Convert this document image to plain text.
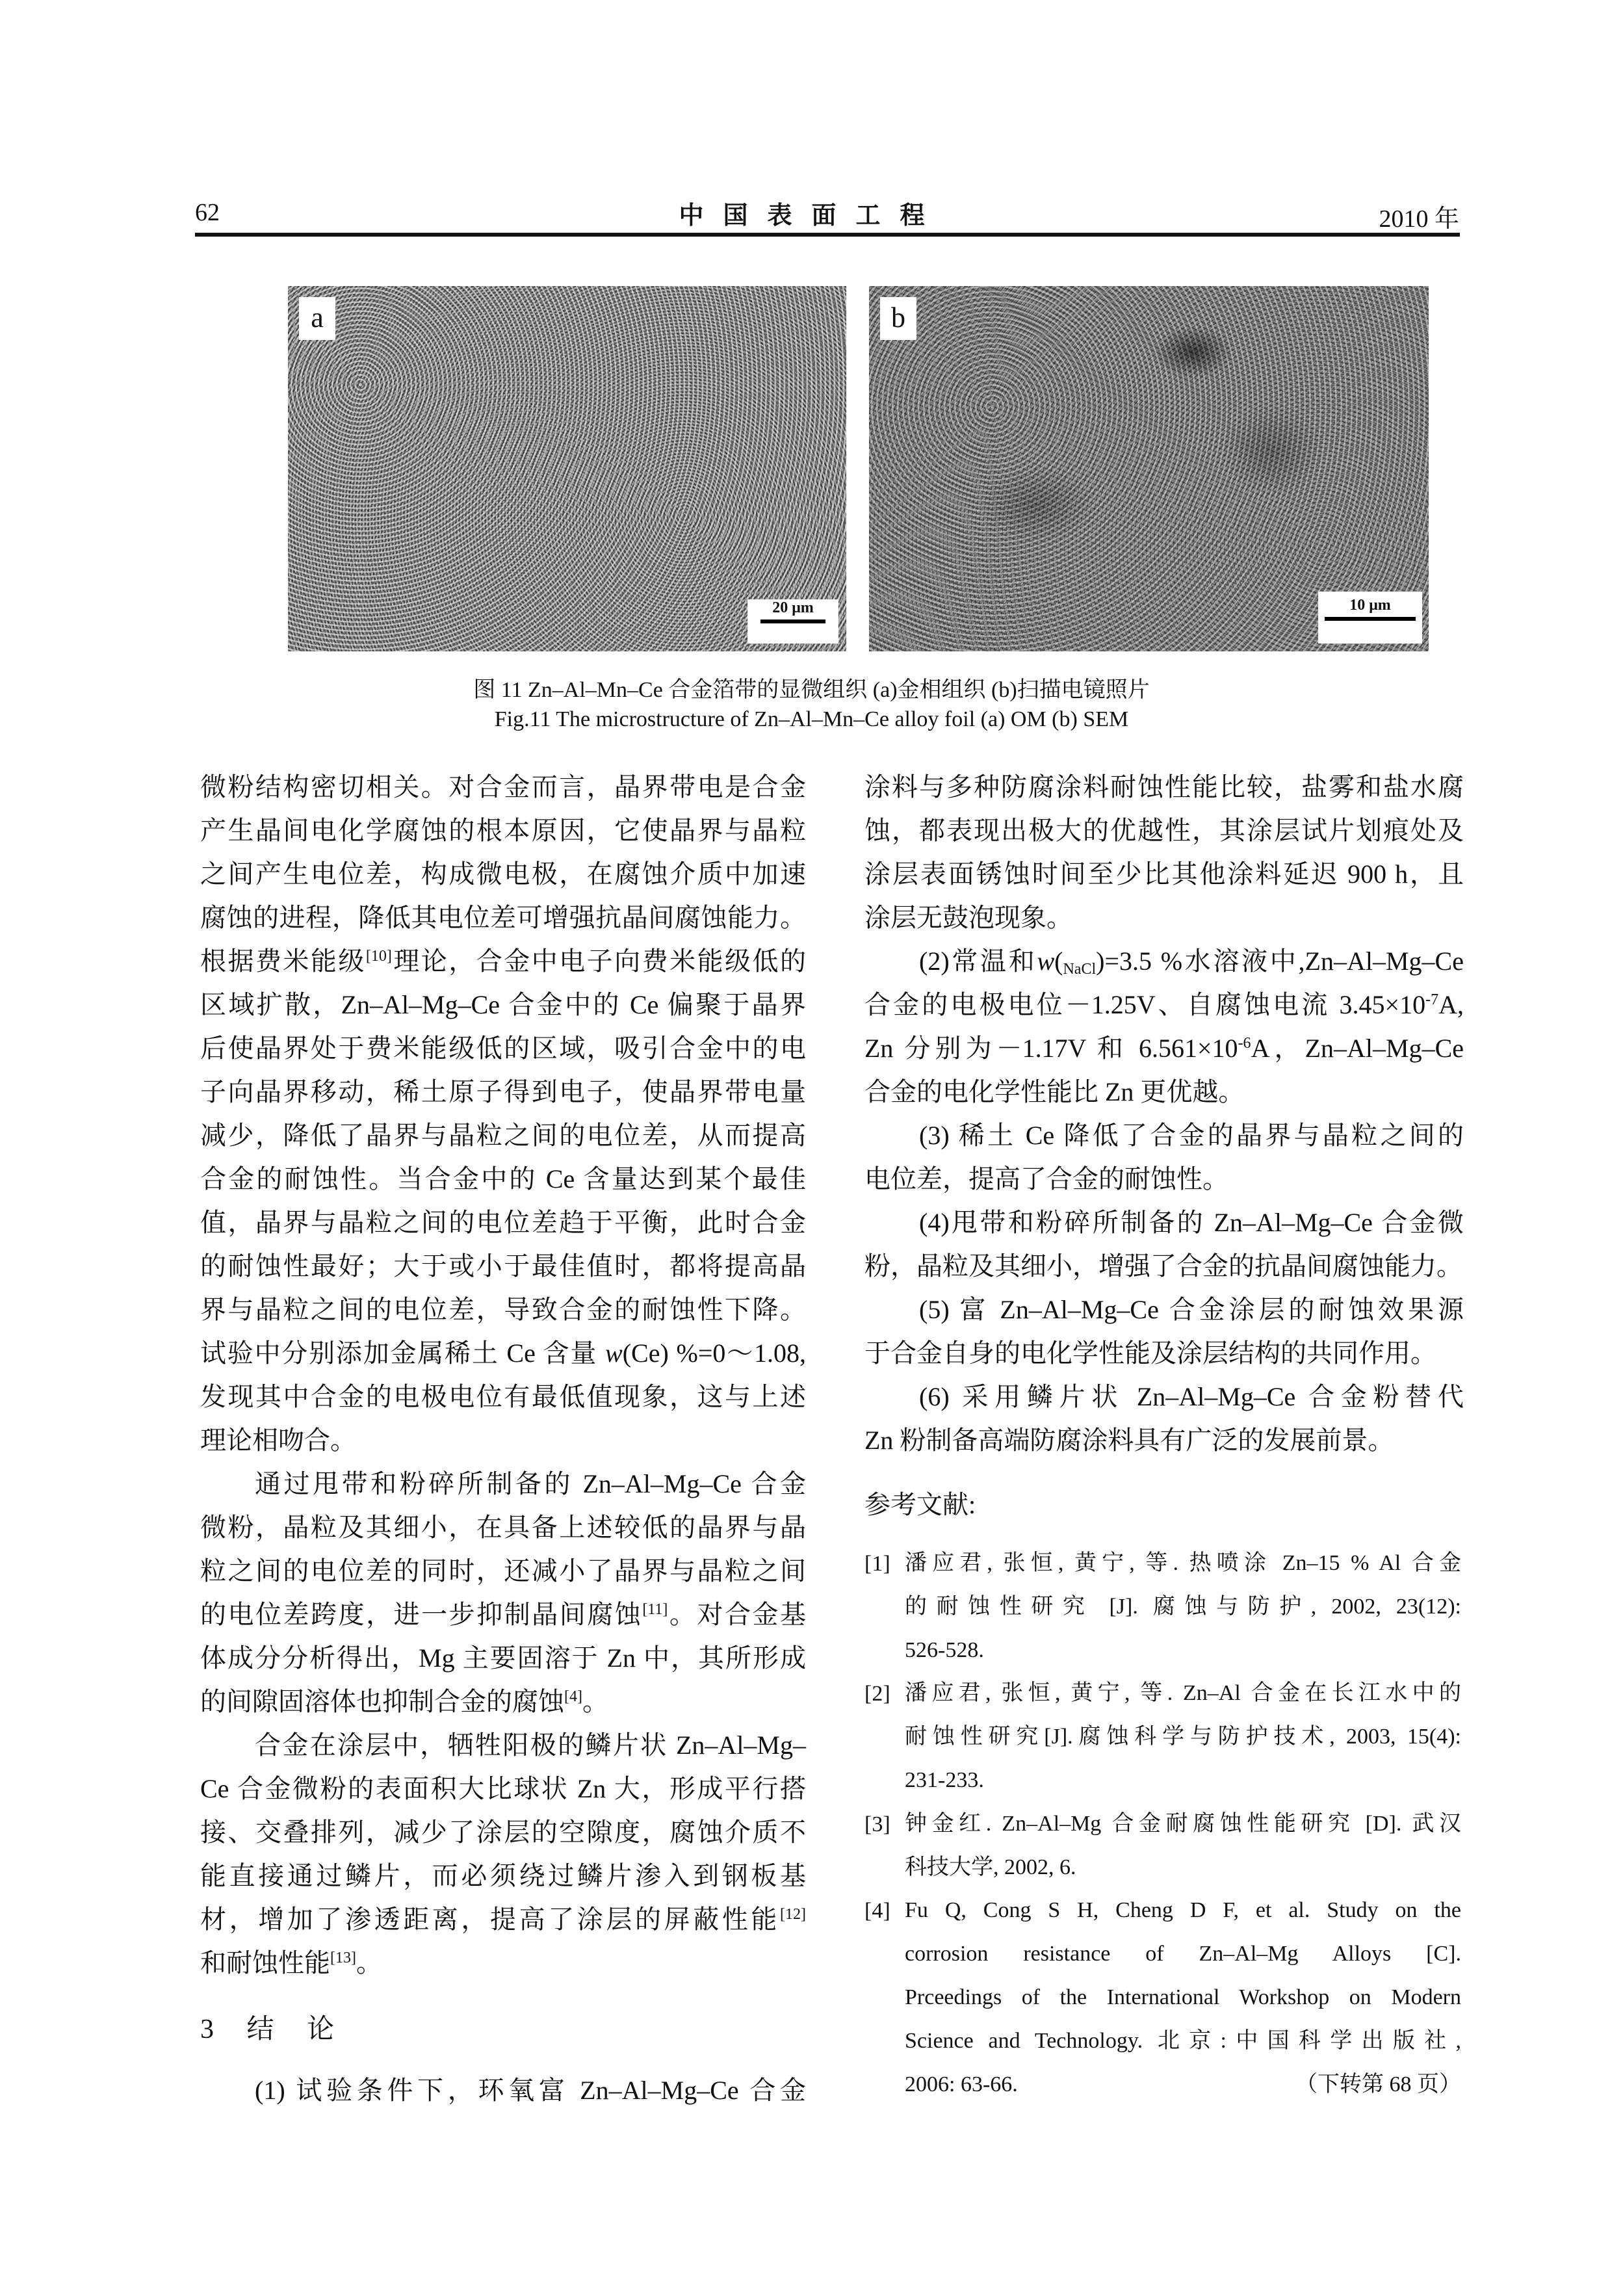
62	中国表面工程	2010 年
a
20 μm
b
10 μm
图 11 Zn–Al–Mn–Ce 合金箔带的显微组织 (a)金相组织 (b)扫描电镜照片
Fig.11 The microstructure of Zn–Al–Mn–Ce alloy foil (a) OM (b) SEM
微粉结构密切相关。对合金而言，晶界带电是合金
产生晶间电化学腐蚀的根本原因，它使晶界与晶粒
之间产生电位差，构成微电极，在腐蚀介质中加速
腐蚀的进程，降低其电位差可增强抗晶间腐蚀能力。
根据费米能级[10]理论，合金中电子向费米能级低的
区域扩散，Zn–Al–Mg–Ce 合金中的 Ce 偏聚于晶界
后使晶界处于费米能级低的区域，吸引合金中的电
子向晶界移动，稀土原子得到电子，使晶界带电量
减少，降低了晶界与晶粒之间的电位差，从而提高
合金的耐蚀性。当合金中的 Ce 含量达到某个最佳
值，晶界与晶粒之间的电位差趋于平衡，此时合金
的耐蚀性最好；大于或小于最佳值时，都将提高晶
界与晶粒之间的电位差，导致合金的耐蚀性下降。
试验中分别添加金属稀土 Ce 含量 w(Ce) %=0～1.08,
发现其中合金的电极电位有最低值现象，这与上述
理论相吻合。
通过甩带和粉碎所制备的 Zn–Al–Mg–Ce 合金
微粉，晶粒及其细小，在具备上述较低的晶界与晶
粒之间的电位差的同时，还减小了晶界与晶粒之间
的电位差跨度，进一步抑制晶间腐蚀[11]。对合金基
体成分分析得出，Mg 主要固溶于 Zn 中，其所形成
的间隙固溶体也抑制合金的腐蚀[4]。
合金在涂层中，牺牲阳极的鳞片状 Zn–Al–Mg–
Ce 合金微粉的表面积大比球状 Zn 大，形成平行搭
接、交叠排列，减少了涂层的空隙度，腐蚀介质不
能直接通过鳞片，而必须绕过鳞片渗入到钢板基
材，增加了渗透距离，提高了涂层的屏蔽性能[12]
和耐蚀性能[13]。
3 结 论
(1) 试验条件下，环氧富 Zn–Al–Mg–Ce 合金
涂料与多种防腐涂料耐蚀性能比较，盐雾和盐水腐
蚀，都表现出极大的优越性，其涂层试片划痕处及
涂层表面锈蚀时间至少比其他涂料延迟 900 h，且
涂层无鼓泡现象。
(2)常温和$w(_{NaCl})=3.5$ %水溶液中,Zn–Al–Mg–Ce
合金的电极电位－1.25V、自腐蚀电流 $3.45\times 10^{-7}A$,
Zn 分别为－1.17V 和 $6.561\times 10^{-6}A$，Zn–Al–Mg–Ce
合金的电化学性能比 Zn 更优越。
(3) 稀土 Ce 降低了合金的晶界与晶粒之间的
电位差，提高了合金的耐蚀性。
(4)甩带和粉碎所制备的 Zn–Al–Mg–Ce 合金微
粉，晶粒及其细小，增强了合金的抗晶间腐蚀能力。
(5) 富 Zn–Al–Mg–Ce 合金涂层的耐蚀效果源
于合金自身的电化学性能及涂层结构的共同作用。
(6) 采用鳞片状 Zn–Al–Mg–Ce 合金粉替代
Zn 粉制备高端防腐涂料具有广泛的发展前景。
参考文献:
[1] 潘应君, 张恒, 黄宁, 等. 热喷涂 Zn–15 % Al 合金
的耐蚀性研究 [J]. 腐蚀与防护, 2002, 23(12):
526-528.
[2] 潘应君, 张恒, 黄宁, 等. Zn–Al 合金在长江水中的
耐蚀性研究[J].腐蚀科学与防护技术, 2003, 15(4):
231-233.
[3] 钟金红. Zn–Al–Mg 合金耐腐蚀性能研究 [D]. 武汉
科技大学, 2002, 6.
[4] Fu Q, Cong S H, Cheng D F, et al. Study on the
corrosion resistance of Zn–Al–Mg Alloys [C].
Prceedings of the International Workshop on Modern
Science and Technology. 北京:中国科学出版社,
2006: 63-66.	（下转第 68 页）
